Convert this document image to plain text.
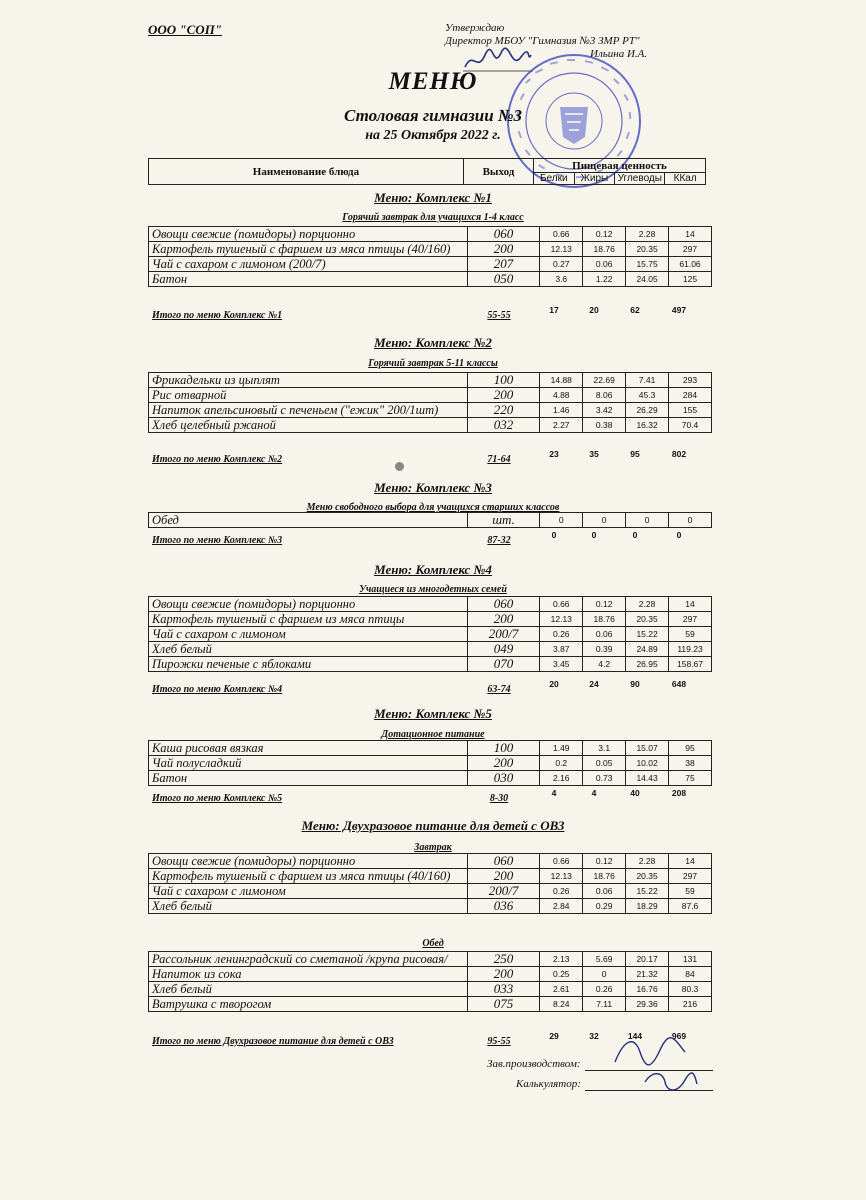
ООО "СОП"	Утверждаю
Директор МБОУ "Гимназия №3 ЗМР РТ"
Ильина И.А.
МЕНЮ
Столовая гимназии №3
на 25 Октября 2022 г.
Наименование блюда	Выход	Пищевая ценность			
		Белки	Жиры	Углеводы	ККал
Меню: Комплекс №1
Горячий завтрак для учащихся 1-4 класс
Овощи свежие (помидоры) порционно	060	0.66	0.12	2.28	14
Картофель тушеный с фаршем из мяса птицы (40/160)	200	12.13	18.76	20.35	297
Чай с сахаром с лимоном (200/7)	207	0.27	0.06	15.75	61.06
Батон	050	3.6	1.22	24.05	125
Итого по меню Комплекс №1	55-55	17	20	62	497
Меню: Комплекс №2
Горячий завтрак 5-11 классы
Фрикадельки из цыплят	100	14.88	22.69	7.41	293
Рис отварной	200	4.88	8.06	45.3	284
Напиток апельсиновый с печеньем ("ежик" 200/1шт)	220	1.46	3.42	26.29	155
Хлеб целебный ржаной	032	2.27	0.38	16.32	70.4
Итого по меню Комплекс №2	71-64	23	35	95	802
Меню: Комплекс №3
Меню свободного выбора для учащихся старших классов
Обед	шт.	0	0	0	0
Итого по меню Комплекс №3	87-32	0	0	0	0
Меню: Комплекс №4
Учащиеся из многодетных семей
Овощи свежие (помидоры) порционно	060	0.66	0.12	2.28	14
Картофель тушеный с фаршем из мяса птицы	200	12.13	18.76	20.35	297
Чай с сахаром с лимоном	200/7	0.26	0.06	15.22	59
Хлеб белый	049	3.87	0.39	24.89	119.23
Пирожки печеные с яблоками	070	3.45	4.2	26.95	158.67
Итого по меню Комплекс №4	63-74	20	24	90	648
Меню: Комплекс №5
Дотационное питание
Каша рисовая вязкая	100	1.49	3.1	15.07	95
Чай полусладкий	200	0.2	0.05	10.02	38
Батон	030	2.16	0.73	14.43	75
Итого по меню Комплекс №5	8-30	4	4	40	208
Меню: Двухразовое питание для детей с ОВЗ
Завтрак
Овощи свежие (помидоры) порционно	060	0.66	0.12	2.28	14
Картофель тушеный с фаршем из мяса птицы (40/160)	200	12.13	18.76	20.35	297
Чай с сахаром с лимоном	200/7	0.26	0.06	15.22	59
Хлеб белый	036	2.84	0.29	18.29	87.6
Обед
Рассольник ленинградский со сметаной /крупа рисовая/	250	2.13	5.69	20.17	131
Напиток из сока	200	0.25	0	21.32	84
Хлеб белый	033	2.61	0.26	16.76	80.3
Ватрушка с творогом	075	8.24	7.11	29.36	216
Итого по меню Двухразовое питание для детей с ОВЗ	95-55	29	32	144	969
Зав.производством:
Калькулятор:
